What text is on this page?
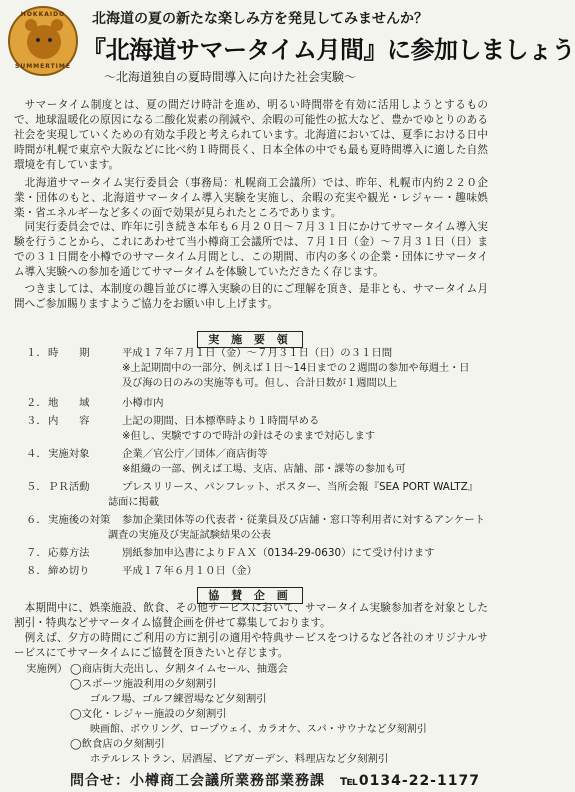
HOKKAIDO
SUMMERTIME
北海道の夏の新たな楽しみ方を発見してみませんか？
『北海道サマータイム月間』に参加しましょう
〜北海道独自の夏時間導入に向けた社会実験〜
サマータイム制度とは、夏の間だけ時計を進め、明るい時間帯を有効に活用しようとするもので、地球温暖化の原因になる二酸化炭素の削減や、余暇の可能性の拡大など、豊かでゆとりのある社会を実現していくための有効な手段と考えられています。北海道においては、夏季における日中時間が札幌で東京や大阪などに比べ約１時間長く、日本全体の中でも最も夏時間導入に適した自然環境を有しています。
北海道サマータイム実行委員会（事務局：札幌商工会議所）では、昨年、札幌市内約２２０企業・団体のもと、北海道サマータイム導入実験を実施し、余暇の充実や観光・レジャー・趣味娯楽・省エネルギーなど多くの面で効果が見られたところであります。
同実行委員会では、昨年に引き続き本年も６月２０日〜７月３１日にかけてサマータイム導入実験を行うことから、これにあわせて当小樽商工会議所では、７月１日（金）〜７月３１日（日）までの３１日間を小樽でのサマータイム月間とし、この期間、市内の多くの企業・団体にサマータイム導入実験への参加を通じてサマータイムを体験していただきたく存じます。
つきましては、本制度の趣旨並びに導入実験の目的にご理解を頂き、是非とも、サマータイム月間へご参加賜りますようご協力をお願い申し上げます。
実 施 要 領
１． 時　　期	平成１７年７月１日（金）〜７月３１日（日）の３１日間
※上記期間中の一部分、例えば１日〜14日までの２週間の参加や毎週土・日
及び海の日のみの実施等も可。但し、合計日数が１週間以上
２． 地　　域	小樽市内
３． 内　　容	上記の期間、日本標準時より１時間早める
※但し、実験ですので時計の針はそのままで対応します
４． 実施対象	企業／官公庁／団体／商店街等
※組織の一部、例えば工場、支店、店舗、部・課等の参加も可
５． ＰＲ活動	プレスリリース、パンフレット、ポスター、当所会報『SEA PORT WALTZ』
誌面に掲載
６． 実施後の対策	参加企業団体等の代表者・従業員及び店舗・窓口等利用者に対するアンケート
調査の実施及び実証試験結果の公表
７． 応募方法	別紙参加申込書によりＦＡＸ（0134-29-0630）にて受け付けます
８． 締め切り	平成１７年６月１０日（金）
協 賛 企 画
本期間中に、娯楽施設、飲食、その他サービスにおいて、サマータイム実験参加者を対象とした割引・特典などサマータイム協賛企画を併せて募集しております。
例えば、夕方の時間にご利用の方に割引の適用や特典サービスをつけるなど各社のオリジナルサービスにてサマータイムにご協賛を頂きたいと存じます。
実施例） ◯商店街大売出し、夕割タイムセール、抽選会
◯スポーツ施設利用の夕刻割引
ゴルフ場、ゴルフ練習場など夕刻割引
◯文化・レジャー施設の夕刻割引
映画館、ボウリング、ロープウェイ、カラオケ、スパ・サウナなど夕刻割引
問合せ：小樽商工会議所業務部業務課　℡0134-22-1177
◯飲食店の夕刻割引
ホテルレストラン、居酒屋、ビアガーデン、料理店など夕刻割引
